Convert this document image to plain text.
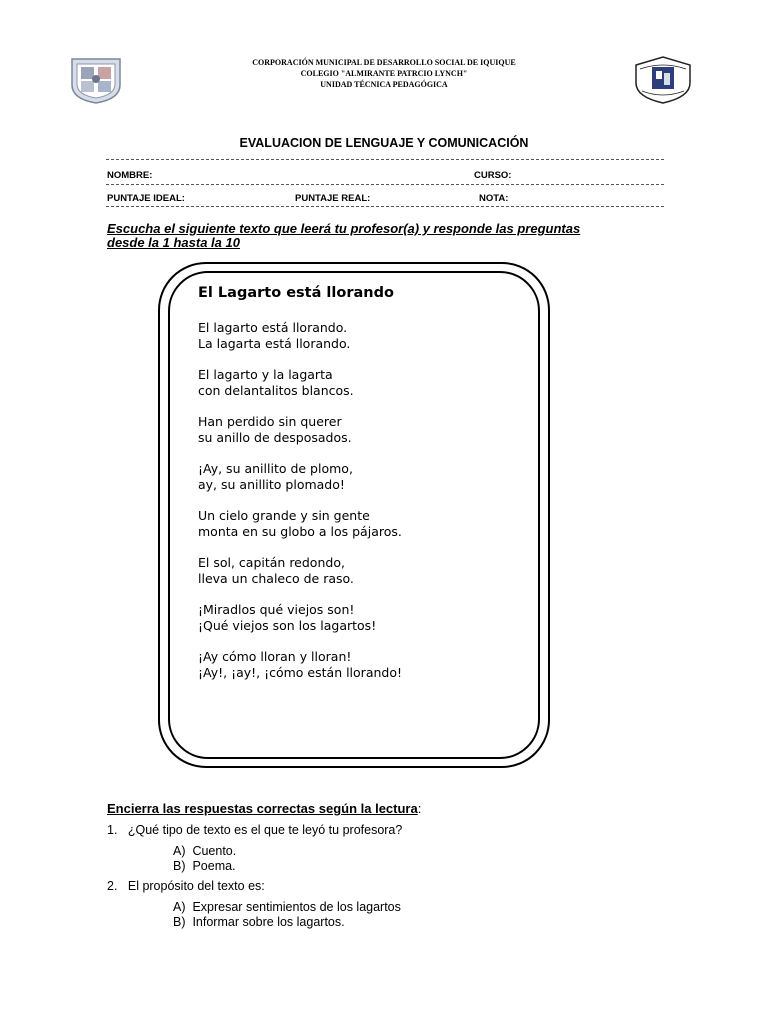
CORPORACIÓN MUNICIPAL DE DESARROLLO SOCIAL DE IQUIQUE
COLEGIO "ALMIRANTE PATRCIO LYNCH"
UNIDAD TÉCNICA PEDAGÓGICA
EVALUACION DE LENGUAJE Y COMUNICACIÓN
NOMBRE:	CURSO:
PUNTAJE IDEAL:	PUNTAJE REAL:	NOTA:
Escucha el siguiente texto que leerá tu profesor(a) y responde las preguntas
desde la 1 hasta la 10
El Lagarto está llorando
El lagarto está llorando.
La lagarta está llorando.
El lagarto y la lagarta
con delantalitos blancos.
Han perdido sin querer
su anillo de desposados.
¡Ay, su anillito de plomo,
ay, su anillito plomado!
Un cielo grande y sin gente
monta en su globo a los pájaros.
El sol, capitán redondo,
lleva un chaleco de raso.
¡Miradlos qué viejos son!
¡Qué viejos son los lagartos!
¡Ay cómo lloran y lloran!
¡Ay!, ¡ay!, ¡cómo están llorando!
Encierra las respuestas correctas según la lectura:
1. ¿Qué tipo de texto es el que te leyó tu profesora?
A) Cuento.
B) Poema.
2. El propósito del texto es:
A) Expresar sentimientos de los lagartos
B) Informar sobre los lagartos.
